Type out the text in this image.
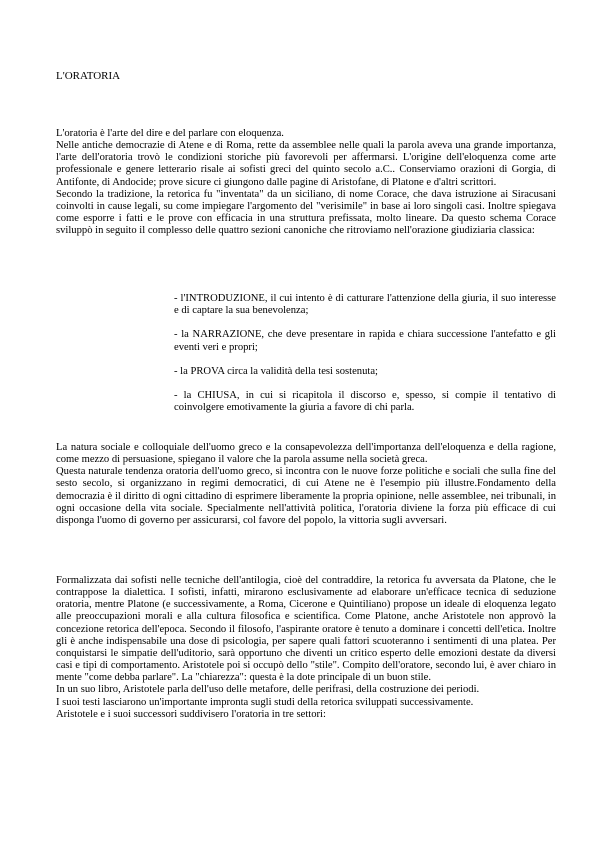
L'ORATORIA

L'oratoria è l'arte del dire e del parlare con eloquenza.

Nelle antiche democrazie di Atene e di Roma, rette da assemblee nelle quali la parola aveva una grande importanza, l'arte dell'oratoria trovò le condizioni storiche più favorevoli per affermarsi. L'origine dell'eloquenza come arte professionale e genere letterario risale ai sofisti greci del quinto secolo a.C.. Conserviamo orazioni di Gorgia, di Antifonte, di Andocide; prove sicure ci giungono dalle pagine di Aristofane, di Platone e d'altri scrittori.

Secondo la tradizione, la retorica fu "inventata" da un siciliano, di nome Corace, che dava istruzione ai Siracusani coinvolti in cause legali, su come impiegare l'argomento del "verisimile" in base ai loro singoli casi. Inoltre spiegava come esporre i fatti e le prove con efficacia in una struttura prefissata, molto lineare. Da questo schema Corace sviluppò in seguito il complesso delle quattro sezioni canoniche che ritroviamo nell'orazione giudiziaria classica:

- l'INTRODUZIONE, il cui intento è di catturare l'attenzione della giuria, il suo interesse e di captare la sua benevolenza;
- la NARRAZIONE, che deve presentare in rapida e chiara successione l'antefatto e gli eventi veri e propri;
- la PROVA circa la validità della tesi sostenuta;
- la CHIUSA, in cui si ricapitola il discorso e, spesso, si compie il tentativo di coinvolgere emotivamente la giuria a favore di chi parla.

La natura sociale e colloquiale dell'uomo greco e la consapevolezza dell'importanza dell'eloquenza e della ragione, come mezzo di persuasione, spiegano il valore che la parola assume nella società greca.

Questa naturale tendenza oratoria dell'uomo greco, si incontra con le nuove forze politiche e sociali che sulla fine del sesto secolo, si organizzano in regimi democratici, di cui Atene ne è l'esempio più illustre.Fondamento della democrazia è il diritto di ogni cittadino di esprimere liberamente la propria opinione, nelle assemblee, nei tribunali, in ogni occasione della vita sociale. Specialmente nell'attività politica, l'oratoria diviene la forza più efficace di cui disponga l'uomo di governo per assicurarsi, col favore del popolo, la vittoria sugli avversari.

Formalizzata dai sofisti nelle tecniche dell'antilogia, cioè del contraddire, la retorica fu avversata da Platone, che le contrappose la dialettica. I sofisti, infatti, mirarono esclusivamente ad elaborare un'efficace tecnica di seduzione oratoria, mentre Platone (e successivamente, a Roma, Cicerone e Quintiliano) propose un ideale di eloquenza legato alle preoccupazioni morali e alla cultura filosofica e scientifica. Come Platone, anche Aristotele non approvò la concezione retorica dell'epoca. Secondo il filosofo, l'aspirante oratore è tenuto a dominare i concetti dell'etica. Inoltre gli è anche indispensabile una dose di psicologia, per sapere quali fattori scuoteranno i sentimenti di una platea. Per conquistarsi le simpatie dell'uditorio, sarà opportuno che diventi un critico esperto delle emozioni destate da diversi casi e tipi di comportamento. Aristotele poi si occupò dello "stile". Compito dell'oratore, secondo lui, è aver chiaro in mente "come debba parlare". La "chiarezza": questa è la dote principale di un buon stile.

In un suo libro, Aristotele parla dell'uso delle metafore, delle perifrasi, della costruzione dei periodi.

I suoi testi lasciarono un'importante impronta sugli studi della retorica sviluppati successivamente.

Aristotele e i suoi successori suddivisero l'oratoria in tre settori:
